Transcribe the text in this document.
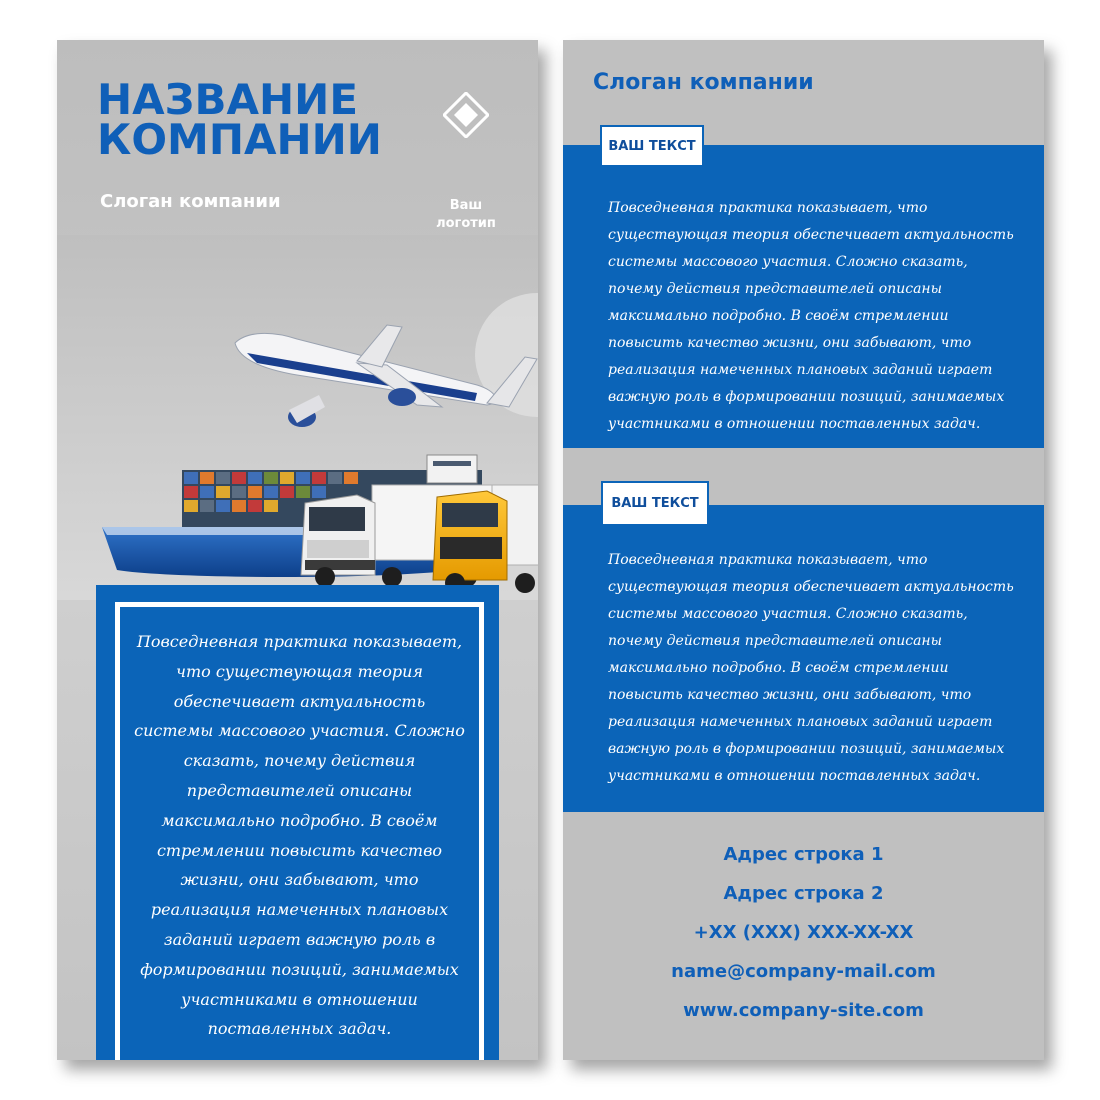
НАЗВАНИЕ
КОМПАНИИ
Ваш
логотип
Слоган компании
Повседневная практика показывает, что существующая теория обеспечивает актуальность системы массового участия. Сложно сказать, почему действия представителей описаны максимально подробно. В своём стремлении повысить качество жизни, они забывают, что реализация намеченных плановых заданий играет важную роль в формировании позиций, занимаемых участниками в отношении поставленных задач.
Слоган компании
Повседневная практика показывает, что существующая теория обеспечивает актуальность системы массового участия. Сложно сказать, почему действия представителей описаны максимально подробно. В своём стремлении повысить качество жизни, они забывают, что реализация намеченных плановых заданий играет важную роль в формировании позиций, занимаемых участниками в отношении поставленных задач.
ВАШ ТЕКСТ
Повседневная практика показывает, что существующая теория обеспечивает актуальность системы массового участия. Сложно сказать, почему действия представителей описаны максимально подробно. В своём стремлении повысить качество жизни, они забывают, что реализация намеченных плановых заданий играет важную роль в формировании позиций, занимаемых участниками в отношении поставленных задач.
ВАШ ТЕКСТ
Адрес строка 1
Адрес строка 2
+XX (XXX) XXX-XX-XX
name@company-mail.com
www.company-site.com
